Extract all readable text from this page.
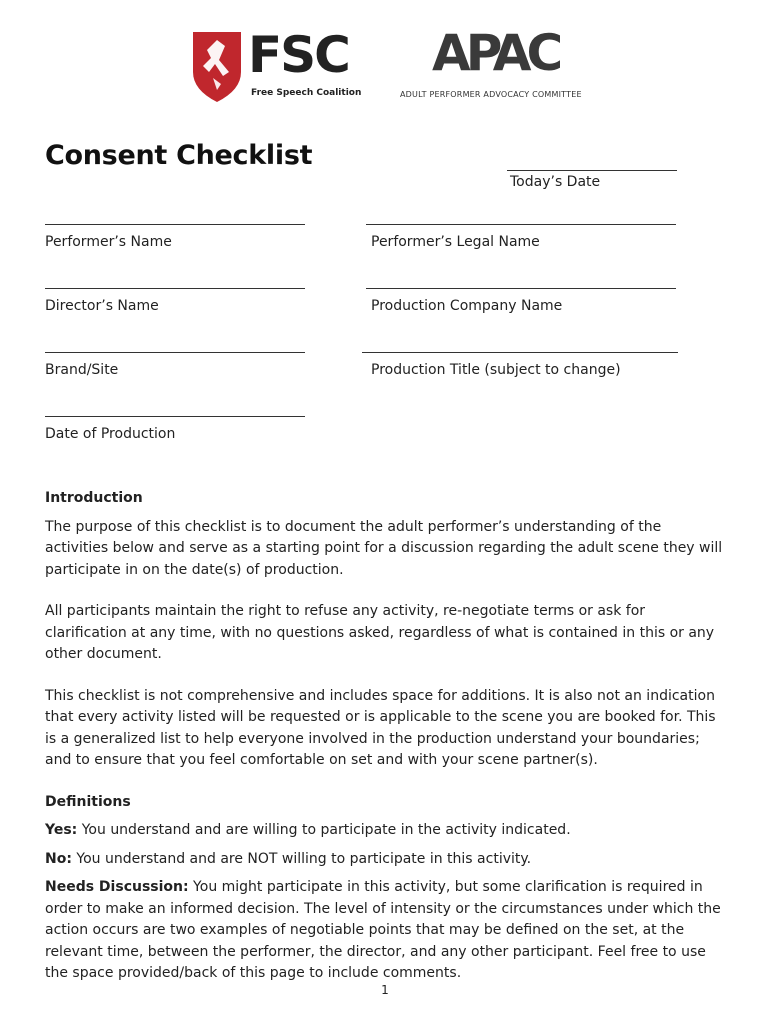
FSC
Free Speech Coalition
APAC
ADULT PERFORMER ADVOCACY COMMITTEE
Consent Checklist
Today’s Date
Performer’s Name	Performer’s Legal Name
Director’s Name	Production Company Name
Brand/Site	Production Title (subject to change)
Date of Production
Introduction

The purpose of this checklist is to document the adult performer’s understanding of the activities below and serve as a starting point for a discussion regarding the adult scene they will participate in on the date(s) of production.

All participants maintain the right to refuse any activity, re-negotiate terms or ask for clarification at any time, with no questions asked, regardless of what is contained in this or any other document.

This checklist is not comprehensive and includes space for additions. It is also not an indication that every activity listed will be requested or is applicable to the scene you are booked for. This is a generalized list to help everyone involved in the production understand your boundaries; and to ensure that you feel comfortable on set and with your scene partner(s).

Definitions

Yes: You understand and are willing to participate in the activity indicated.

No: You understand and are NOT willing to participate in this activity.

Needs Discussion: You might participate in this activity, but some clarification is required in order to make an informed decision. The level of intensity or the circumstances under which the action occurs are two examples of negotiable points that may be defined on the set, at the relevant time, between the performer, the director, and any other participant. Feel free to use the space provided/back of this page to include comments.

1
